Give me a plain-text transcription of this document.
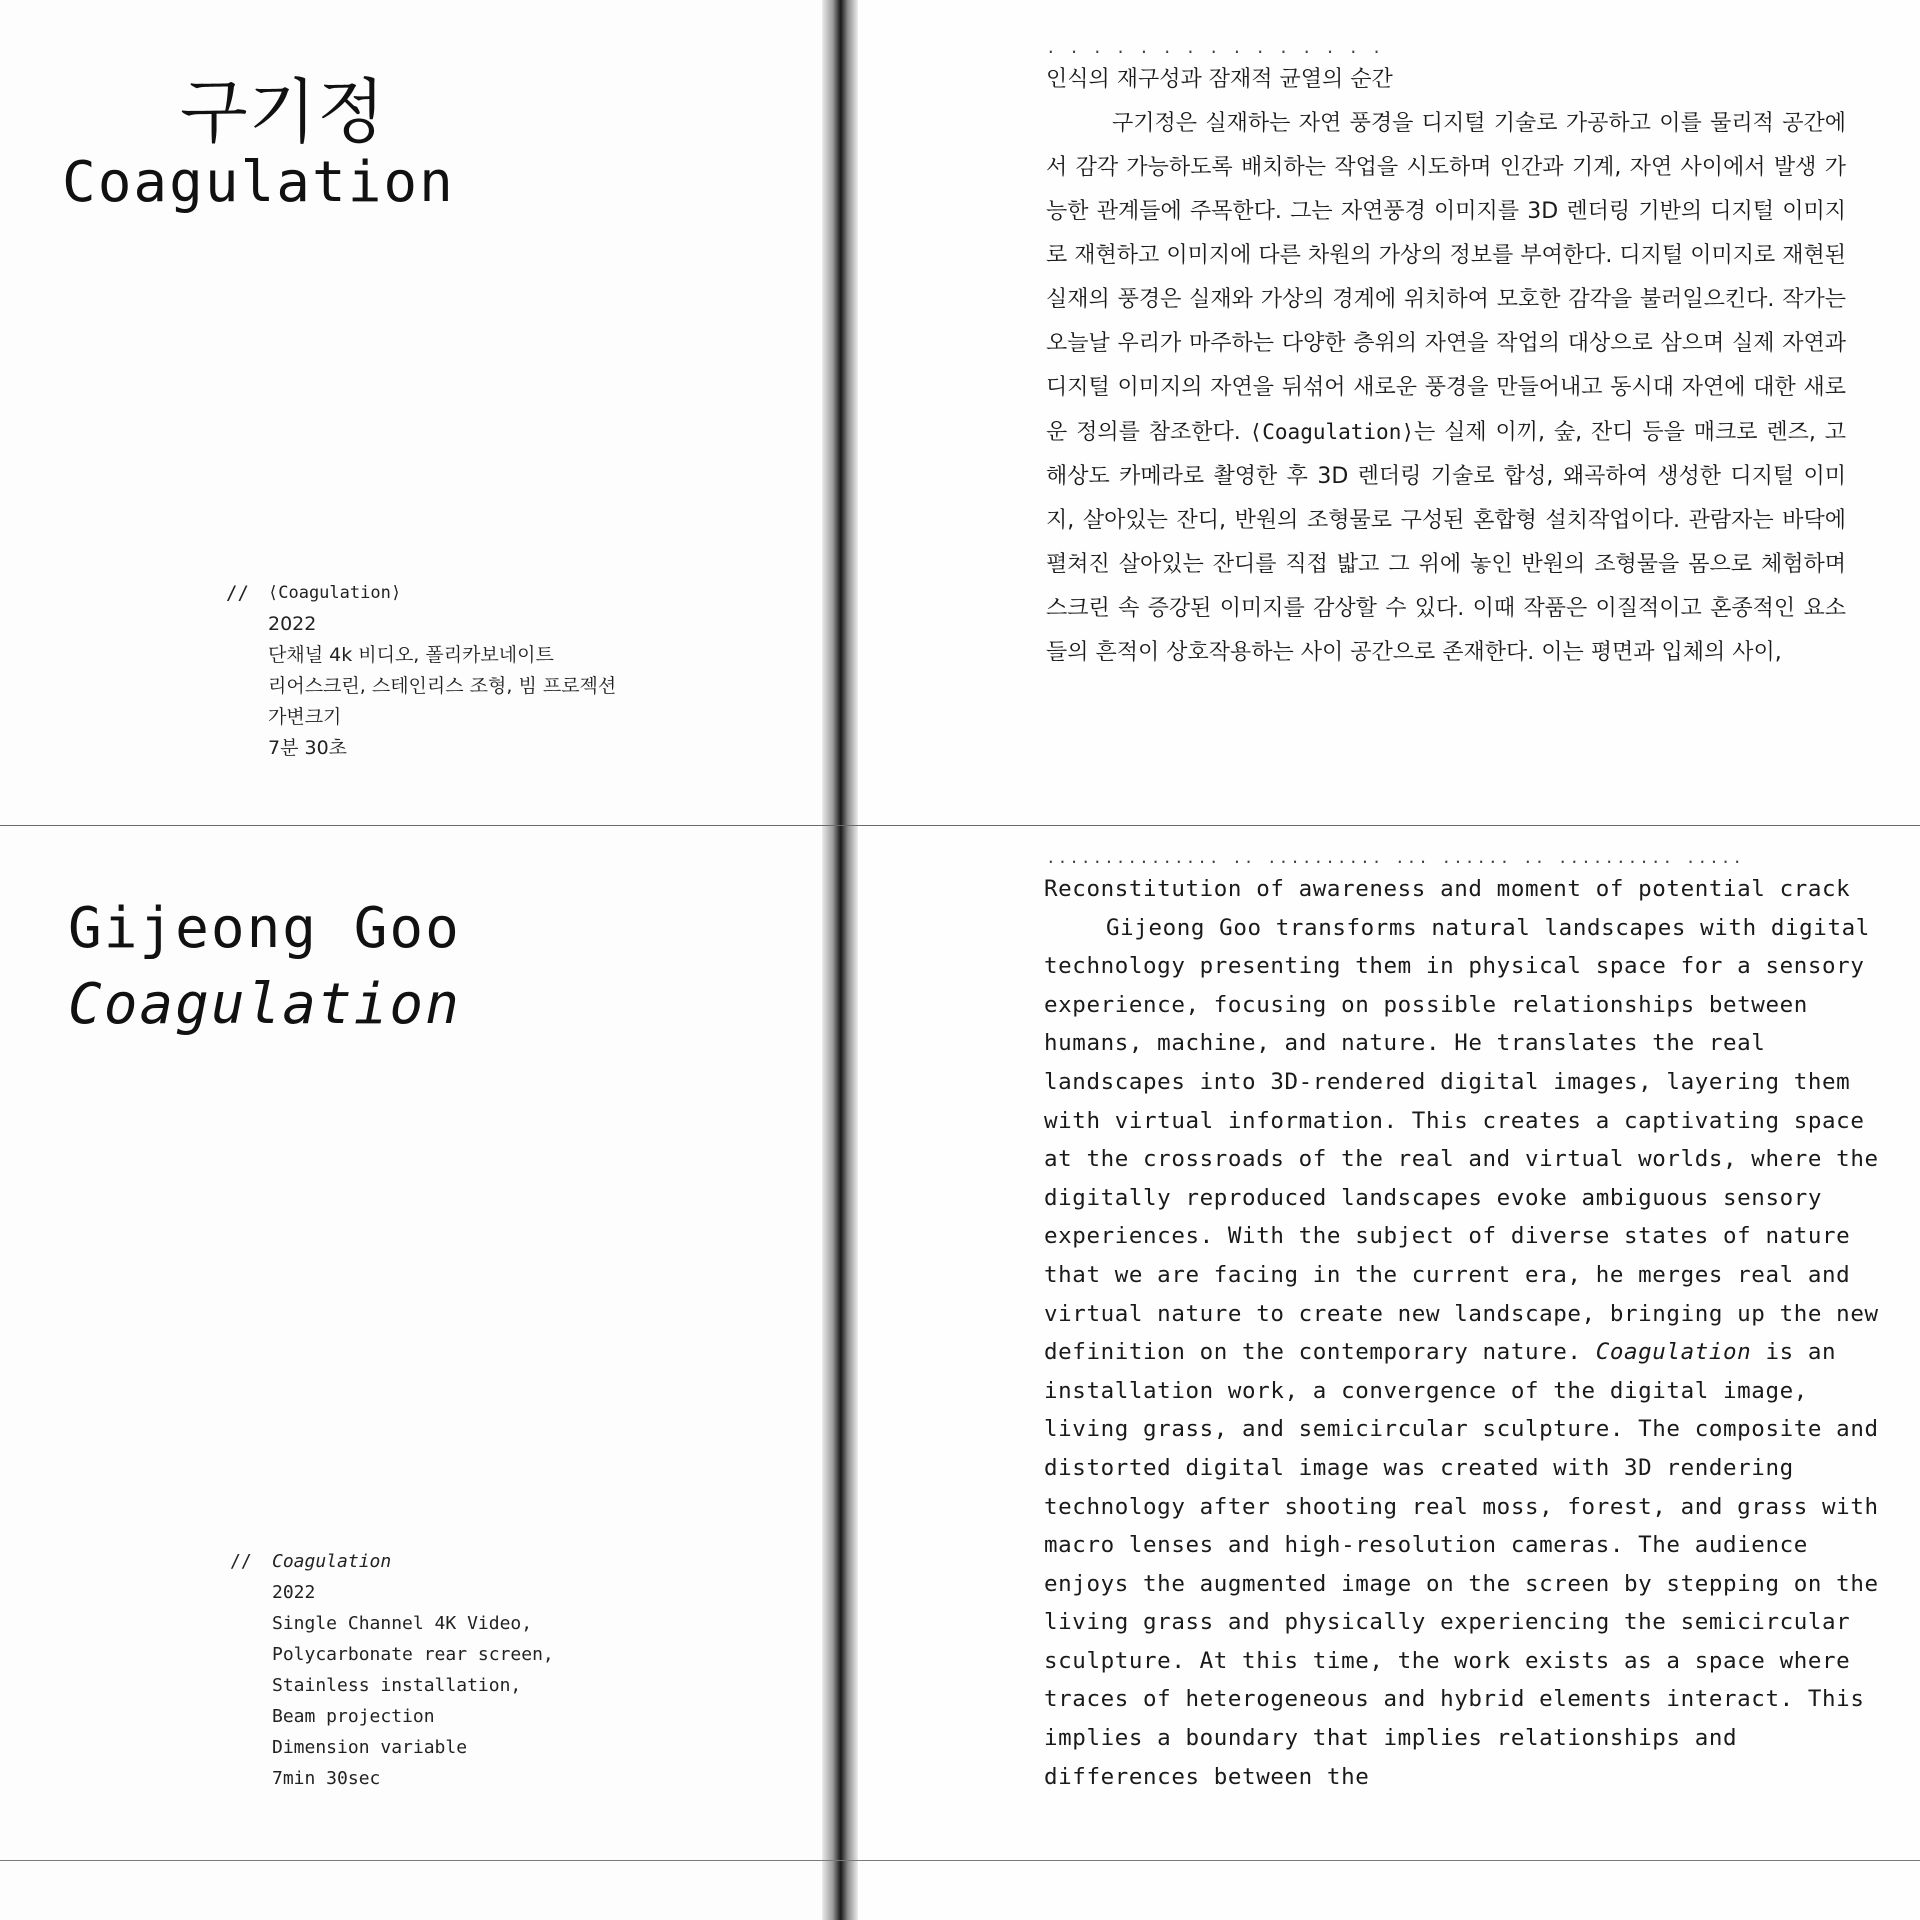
구기정
Coagulation
// ⟨Coagulation⟩
2022
단채널 4k 비디오, 폴리카보네이트
리어스크린, 스테인리스 조형, 빔 프로젝션
가변크기
7분 30초
. . . . . . . . . . . . . . .
인식의 재구성과 잠재적 균열의 순간
구기정은 실재하는 자연 풍경을 디지털 기술로 가공하고 이를 물리적 공간에서 감각 가능하도록 배치하는 작업을 시도하며 인간과 기계, 자연 사이에서 발생 가능한 관계들에 주목한다. 그는 자연풍경 이미지를 3D 렌더링 기반의 디지털 이미지로 재현하고 이미지에 다른 차원의 가상의 정보를 부여한다. 디지털 이미지로 재현된 실재의 풍경은 실재와 가상의 경계에 위치하여 모호한 감각을 불러일으킨다. 작가는 오늘날 우리가 마주하는 다양한 층위의 자연을 작업의 대상으로 삼으며 실제 자연과 디지털 이미지의 자연을 뒤섞어 새로운 풍경을 만들어내고 동시대 자연에 대한 새로운 정의를 참조한다. ⟨Coagulation⟩는 실제 이끼, 숲, 잔디 등을 매크로 렌즈, 고해상도 카메라로 촬영한 후 3D 렌더링 기술로 합성, 왜곡하여 생성한 디지털 이미지, 살아있는 잔디, 반원의 조형물로 구성된 혼합형 설치작업이다. 관람자는 바닥에 펼쳐진 살아있는 잔디를 직접 밟고 그 위에 놓인 반원의 조형물을 몸으로 체험하며 스크린 속 증강된 이미지를 감상할 수 있다. 이때 작품은 이질적이고 혼종적인 요소들의 흔적이 상호작용하는 사이 공간으로 존재한다. 이는 평면과 입체의 사이,
Gijeong Goo
Coagulation
............... .. .......... ... ...... .. .......... .....
// Coagulation
2022
Single Channel 4K Video,
Polycarbonate rear screen,
Stainless installation,
Beam projection
Dimension variable
7min 30sec
Reconstitution of awareness and moment of potential crack
Gijeong Goo transforms natural landscapes with digital technology presenting them in physical space for a sensory experience, focusing on possible relationships between humans, machine, and nature. He translates the real landscapes into 3D-rendered digital images, layering them with virtual information. This creates a captivating space at the crossroads of the real and virtual worlds, where the digitally reproduced landscapes evoke ambiguous sensory experiences. With the subject of diverse states of nature that we are facing in the current era, he merges real and virtual nature to create new landscape, bringing up the new definition on the contemporary nature. Coagulation is an installation work, a convergence of the digital image, living grass, and semicircular sculpture. The composite and distorted digital image was created with 3D rendering technology after shooting real moss, forest, and grass with macro lenses and high-resolution cameras. The audience enjoys the augmented image on the screen by stepping on the living grass and physically experiencing the semicircular sculpture. At this time, the work exists as a space where traces of heterogeneous and hybrid elements interact. This implies a boundary that implies relationships and differences between the
